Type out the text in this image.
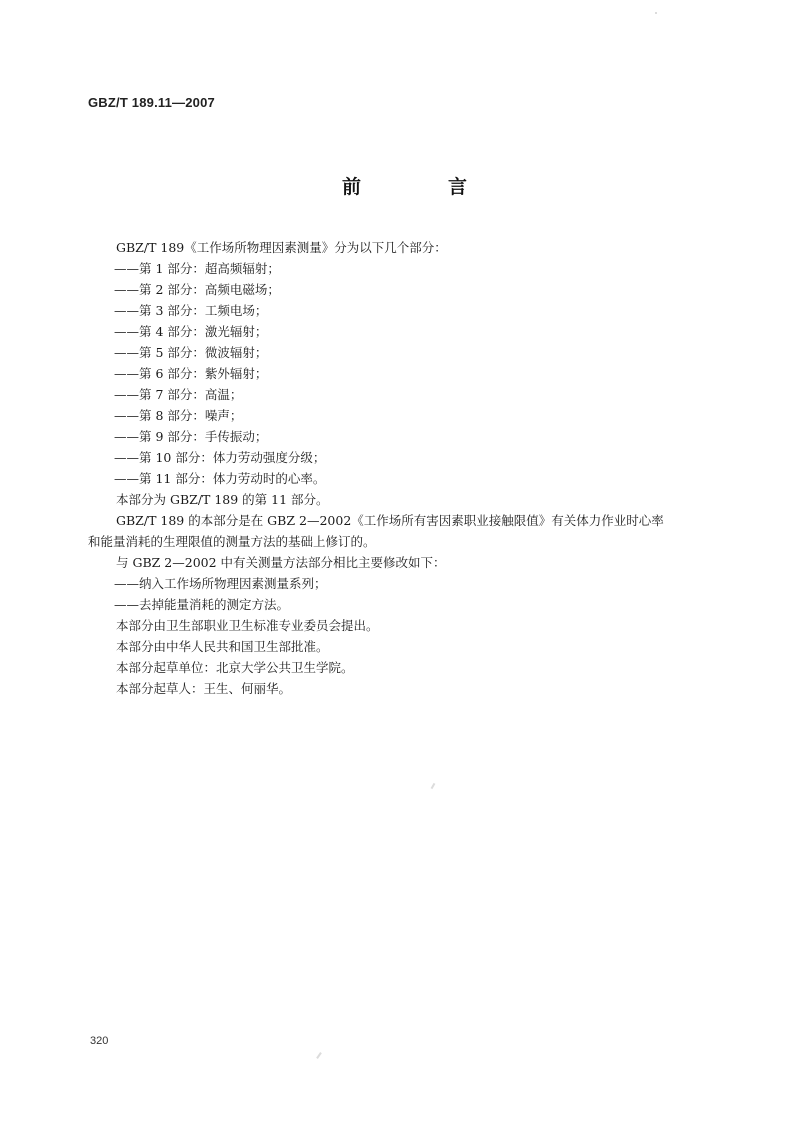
GBZ/T 189.11—2007
前　言
GBZ/T 189《工作场所物理因素测量》分为以下几个部分：
——第 1 部分：超高频辐射；
——第 2 部分：高频电磁场；
——第 3 部分：工频电场；
——第 4 部分：激光辐射；
——第 5 部分：微波辐射；
——第 6 部分：紫外辐射；
——第 7 部分：高温；
——第 8 部分：噪声；
——第 9 部分：手传振动；
——第 10 部分：体力劳动强度分级；
——第 11 部分：体力劳动时的心率。
本部分为 GBZ/T 189 的第 11 部分。
GBZ/T 189 的本部分是在 GBZ 2—2002《工作场所有害因素职业接触限值》有关体力作业时心率
和能量消耗的生理限值的测量方法的基础上修订的。
与 GBZ 2—2002 中有关测量方法部分相比主要修改如下：
——纳入工作场所物理因素测量系列；
——去掉能量消耗的测定方法。
本部分由卫生部职业卫生标准专业委员会提出。
本部分由中华人民共和国卫生部批准。
本部分起草单位：北京大学公共卫生学院。
本部分起草人：王生、何丽华。
320
